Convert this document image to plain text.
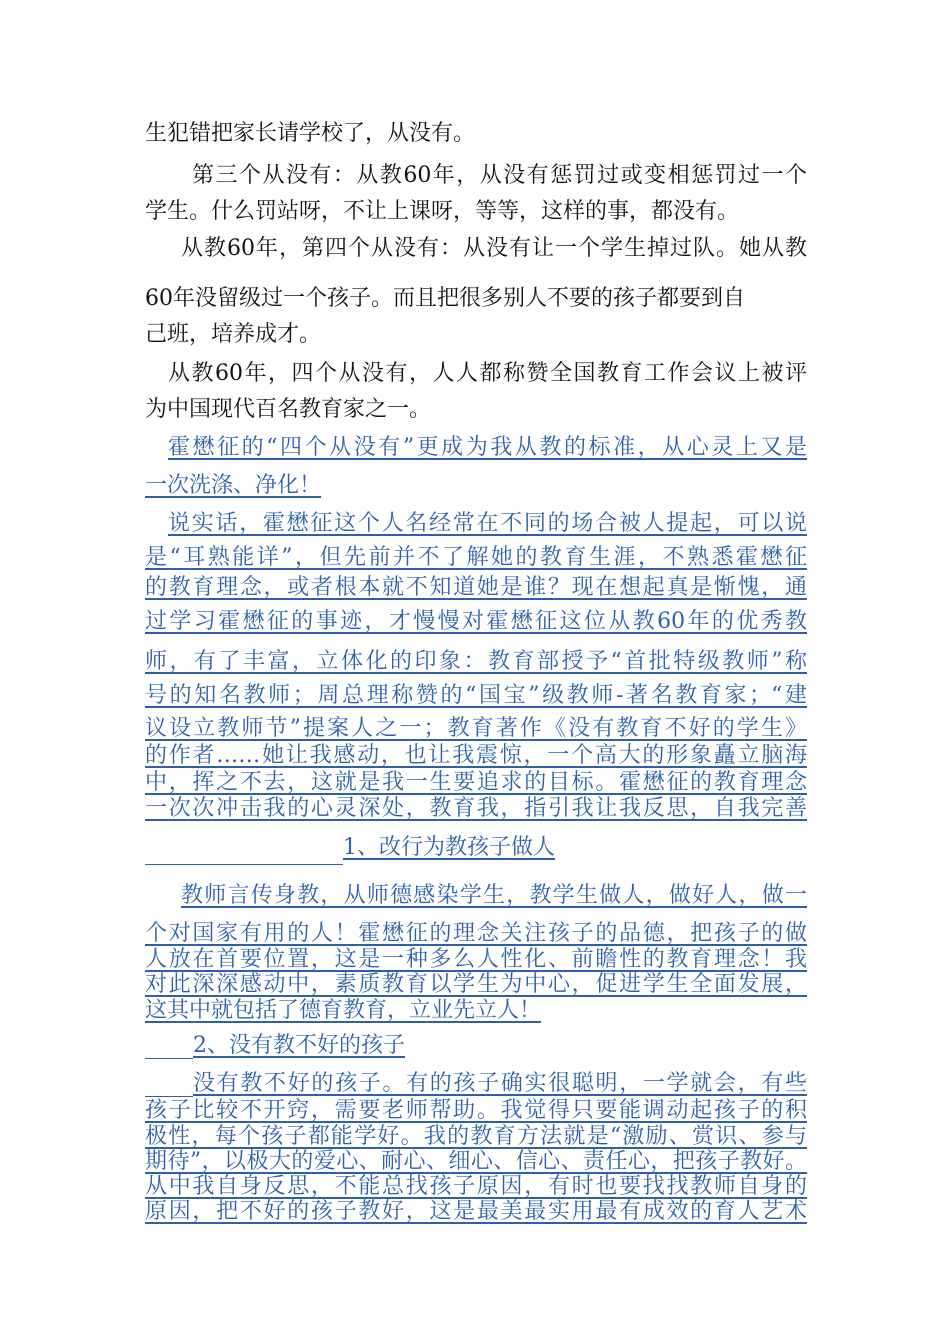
生犯错把家长请学校了，从没有。
第三个从没有：从教60年，从没有惩罚过或变相惩罚过一个
学生。什么罚站呀，不让上课呀，等等，这样的事，都没有。
从教60年，第四个从没有：从没有让一个学生掉过队。她从教
60年没留级过一个孩子。而且把很多别人不要的孩子都要到自
己班，培养成才。
从教60年，四个从没有，人人都称赞全国教育工作会议上被评
为中国现代百名教育家之一。
霍懋征的“四个从没有”更成为我从教的标准，从心灵上又是
一次洗涤、净化！
说实话，霍懋征这个人名经常在不同的场合被人提起，可以说
是“耳熟能详”，但先前并不了解她的教育生涯，不熟悉霍懋征
的教育理念，或者根本就不知道她是谁？现在想起真是惭愧，通
过学习霍懋征的事迹，才慢慢对霍懋征这位从教60年的优秀教
师，有了丰富，立体化的印象：教育部授予“首批特级教师”称
号的知名教师；周总理称赞的“国宝”级教师-著名教育家；“建
议设立教师节”提案人之一；教育著作《没有教育不好的学生》
的作者……她让我感动，也让我震惊，一个高大的形象矗立脑海
中，挥之不去，这就是我一生要追求的目标。霍懋征的教育理念
一次次冲击我的心灵深处，教育我，指引我让我反思，自我完善
1、改行为教孩子做人
教师言传身教，从师德感染学生，教学生做人，做好人，做一
个对国家有用的人！霍懋征的理念关注孩子的品德，把孩子的做
人放在首要位置，这是一种多么人性化、前瞻性的教育理念！我
对此深深感动中，素质教育以学生为中心，促进学生全面发展，
这其中就包括了德育教育，立业先立人！
2、没有教不好的孩子
没有教不好的孩子。有的孩子确实很聪明，一学就会，有些
孩子比较不开窍，需要老师帮助。我觉得只要能调动起孩子的积
极性，每个孩子都能学好。我的教育方法就是“激励、赏识、参与
期待”，以极大的爱心、耐心、细心、信心、责任心，把孩子教好。
从中我自身反思，不能总找孩子原因，有时也要找找教师自身的
原因，把不好的孩子教好，这是最美最实用最有成效的育人艺术
